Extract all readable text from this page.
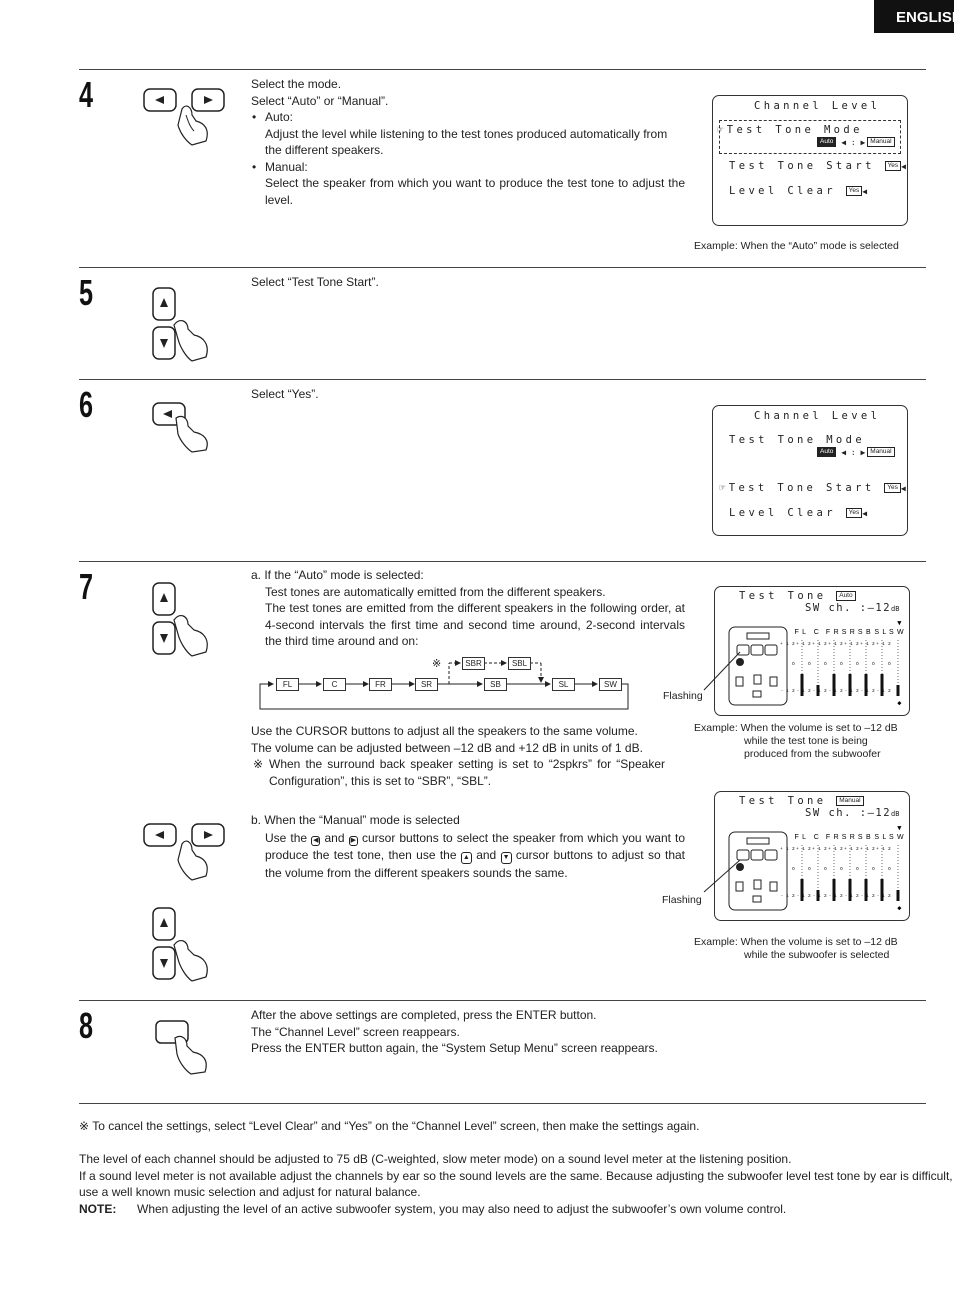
ENGLISH
4	Select the mode.
Select “Auto” or “Manual”.
• Auto:
Adjust the level while listening to the test tones produced automatically from the different speakers.
• Manual:
Select the speaker from which you want to produce the test tone to adjust the level.
Channel Level
☞Test Tone Mode
Auto ◀ : ▶ Manual
Test Tone Start Yes ◀
Level Clear Yes ◀
Example: When the “Auto” mode is selected
5	Select “Test Tone Start”.
6	Select “Yes”.
Channel Level
Test Tone Mode
Auto ◀ : ▶ Manual
☞Test Tone Start Yes ◀
Level Clear Yes ◀
7	a. If the “Auto” mode is selected:
Test tones are automatically emitted from the different speakers.
The test tones are emitted from the different speakers in the following order, at 4-second intervals the first time and second time around, 2-second intervals the third time around and on:
※	SBR	SBL
FL	C	FR	SR	SB	SL	SW
Use the CURSOR buttons to adjust all the speakers to the same volume.
The volume can be adjusted between –12 dB and +12 dB in units of 1 dB.
※ When the surround back speaker setting is set to “2spkrs” for “Speaker Configuration”, this is set to “SBR”, “SBL”.
b. When the “Manual” mode is selected
Use the ◀ and ▶ cursor buttons to select the speaker from which you want to produce the test tone, then use the ▲ and ▼ cursor buttons to adjust so that the volume from the different speakers sounds the same.
Test Tone Auto
SW ch. :–12dB
FL
+12
0
-12
C
+12
0
-12
FR
+12
0
-12
SR
+12
0
-12
SB
+12
0
-12
SL
+12
0
-12
SW
+12
0
-12
▼
◆
Flashing
Example: When the volume is set to –12 dB
while the test tone is being
produced from the subwoofer
Test Tone Manual
SW ch. :–12dB
FL
+12
0
-12
C
+12
0
-12
FR
+12
0
-12
SR
+12
0
-12
SB
+12
0
-12
SL
+12
0
-12
SW
+12
0
-12
▼
◆
Flashing
Example: When the volume is set to –12 dB
while the subwoofer is selected
8	After the above settings are completed, press the ENTER button.
The “Channel Level” screen reappears.
Press the ENTER button again, the “System Setup Menu” screen reappears.
※ To cancel the settings, select “Level Clear” and “Yes” on the “Channel Level” screen, then make the settings again.
The level of each channel should be adjusted to 75 dB (C-weighted, slow meter mode) on a sound level meter at the listening position.
If a sound level meter is not available adjust the channels by ear so the sound levels are the same. Because adjusting the subwoofer level test tone by ear is difficult, use a well known music selection and adjust for natural balance.
NOTE: When adjusting the level of an active subwoofer system, you may also need to adjust the subwoofer’s own volume control.
